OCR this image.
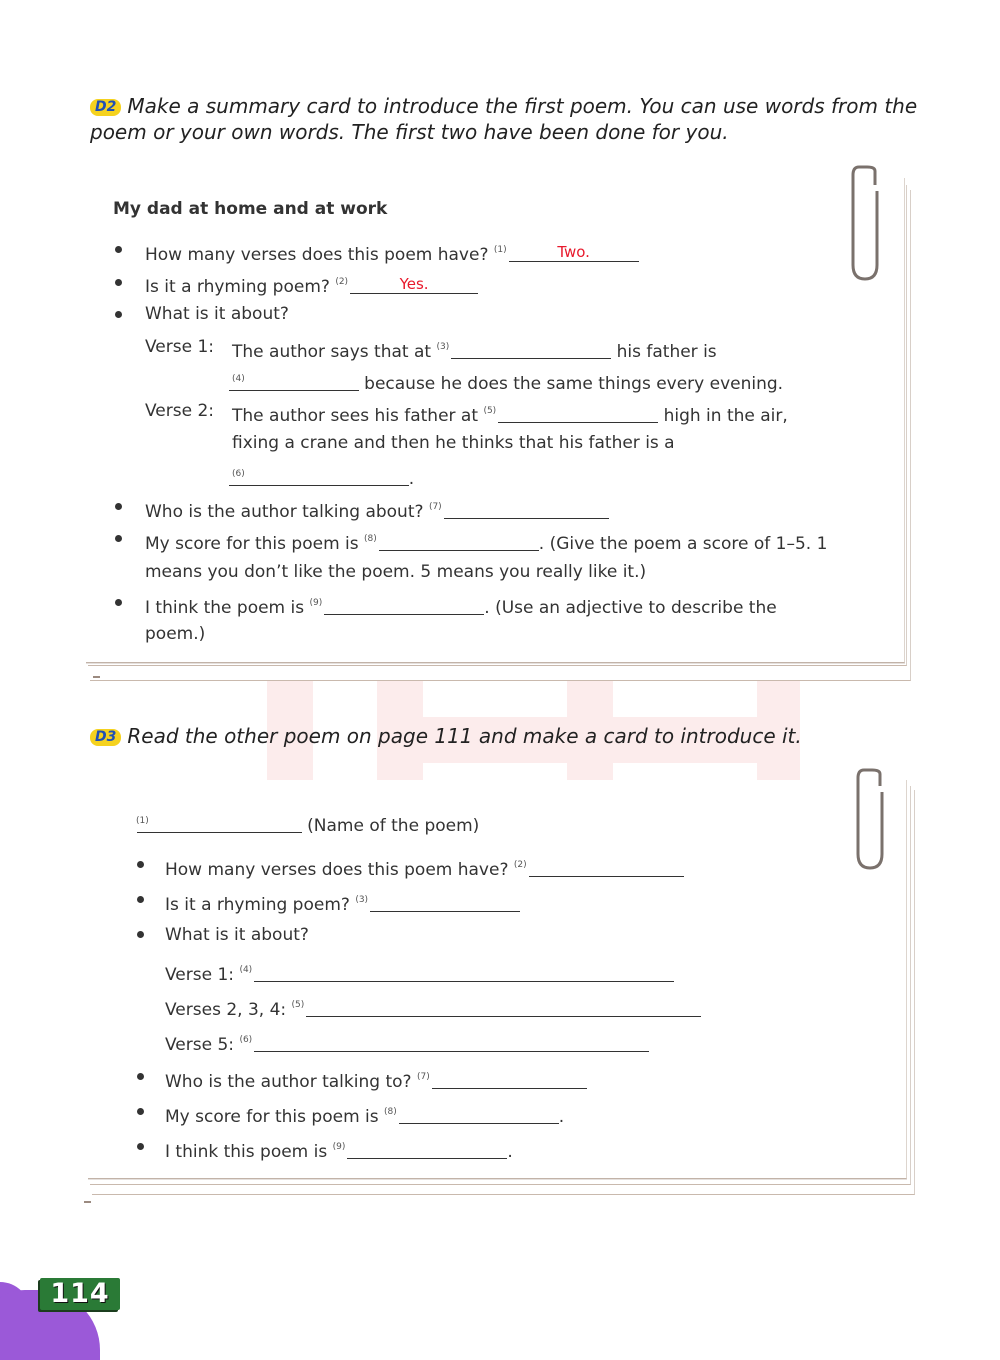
D2 Make a summary card to introduce the first poem. You can use words from the
poem or your own words. The first two have been done for you.
My dad at home and at work
How many verses does this poem have? $^{(1)}$	Two.
Is it a rhyming poem? $^{(2)}$	Yes.
What is it about?
Verse 1: The author says that at $^{(3)}$	his father is
$^{(4)}$	because he does the same things every evening.
Verse 2: The author sees his father at $^{(5)}$	high in the air,
fixing a crane and then he thinks that his father is a
$^{(6)}$	.
Who is the author talking about? $^{(7)}$
My score for this poem is $^{(8)}$	. (Give the poem a score of 1–5. 1
means you don’t like the poem. 5 means you really like it.)
I think the poem is $^{(9)}$	. (Use an adjective to describe the
poem.)
D3 Read the other poem on page 111 and make a card to introduce it.
$^{(1)}$	(Name of the poem)
How many verses does this poem have? $^{(2)}$
Is it a rhyming poem? $^{(3)}$
What is it about?
Verse 1: $^{(4)}$
Verses 2, 3, 4: $^{(5)}$
Verse 5: $^{(6)}$
Who is the author talking to? $^{(7)}$
My score for this poem is $^{(8)}$	.
I think this poem is $^{(9)}$	.
114
